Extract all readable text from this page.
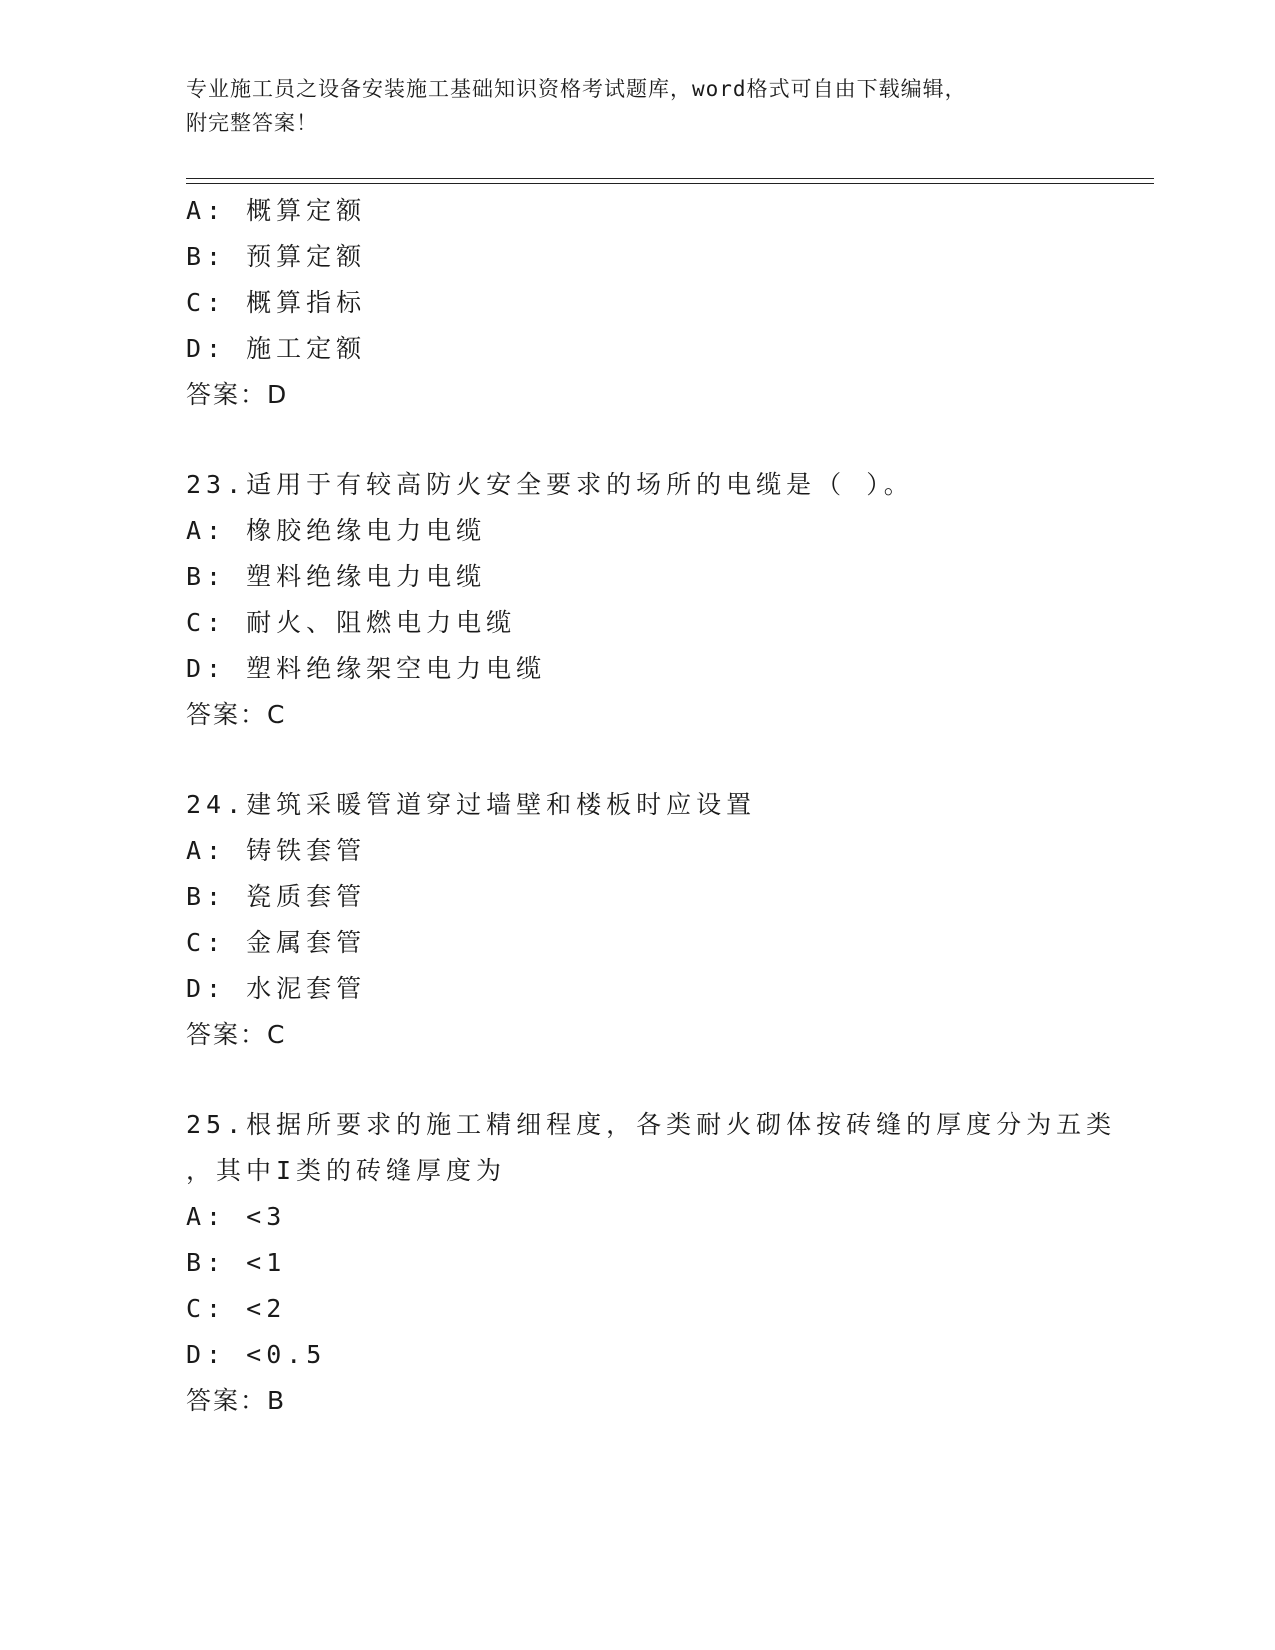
专业施工员之设备安装施工基础知识资格考试题库，word格式可自由下载编辑，
附完整答案！
A: 概算定额
B: 预算定额
C: 概算指标
D: 施工定额
答案：D
23.适用于有较高防火安全要求的场所的电缆是（ ）。
A: 橡胶绝缘电力电缆
B: 塑料绝缘电力电缆
C: 耐火、阻燃电力电缆
D: 塑料绝缘架空电力电缆
答案：C
24.建筑采暖管道穿过墙壁和楼板时应设置
A: 铸铁套管
B: 瓷质套管
C: 金属套管
D: 水泥套管
答案：C
25.根据所要求的施工精细程度，各类耐火砌体按砖缝的厚度分为五类
，其中I类的砖缝厚度为
A: <3
B: <1
C: <2
D: <0.5
答案：B
